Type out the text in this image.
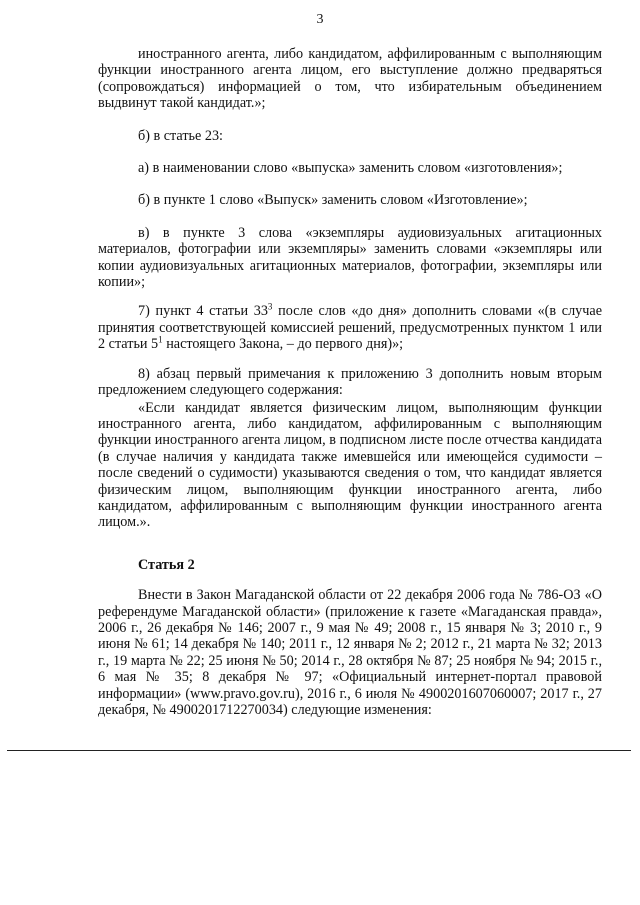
3

иностранного агента, либо кандидатом, аффилированным с выполняющим функции иностранного агента лицом, его выступление должно предваряться (сопровождаться) информацией о том, что избирательным объединением выдвинут такой кандидат.»;

б) в статье 23:

а) в наименовании слово «выпуска» заменить словом «изготовления»;

б) в пункте 1 слово «Выпуск» заменить словом «Изготовление»;

в) в пункте 3 слова «экземпляры аудиовизуальных агитационных материалов, фотографии или экземпляры» заменить словами «экземпляры или копии аудиовизуальных агитационных материалов, фотографии, экземпляры или копии»;

7) пункт 4 статьи $33^3$ после слов «до дня» дополнить словами «(в случае принятия соответствующей комиссией решений, предусмотренных пунктом 1 или 2 статьи $5^1$ настоящего Закона, – до первого дня)»;

8) абзац первый примечания к приложению 3 дополнить новым вторым предложением следующего содержания:

«Если кандидат является физическим лицом, выполняющим функции иностранного агента, либо кандидатом, аффилированным с выполняющим функции иностранного агента лицом, в подписном листе после отчества кандидата (в случае наличия у кандидата также имевшейся или имеющейся судимости – после сведений о судимости) указываются сведения о том, что кандидат является физическим лицом, выполняющим функции иностранного агента, либо кандидатом, аффилированным с выполняющим функции иностранного агента лицом.».

Статья 2

Внести в Закон Магаданской области от 22 декабря 2006 года № 786-ОЗ «О референдуме Магаданской области» (приложение к газете «Магаданская правда», 2006 г., 26 декабря № 146; 2007 г., 9 мая № 49; 2008 г., 15 января № 3; 2010 г., 9 июня № 61; 14 декабря № 140; 2011 г., 12 января № 2; 2012 г., 21 марта № 32; 2013 г., 19 марта № 22; 25 июня № 50; 2014 г., 28 октября № 87; 25 ноября № 94; 2015 г., 6 мая № 35; 8 декабря № 97; «Официальный интернет-портал правовой информации» (www.pravo.gov.ru), 2016 г., 6 июля № 4900201607060007; 2017 г., 27 декабря, № 4900201712270034) следующие изменения:
